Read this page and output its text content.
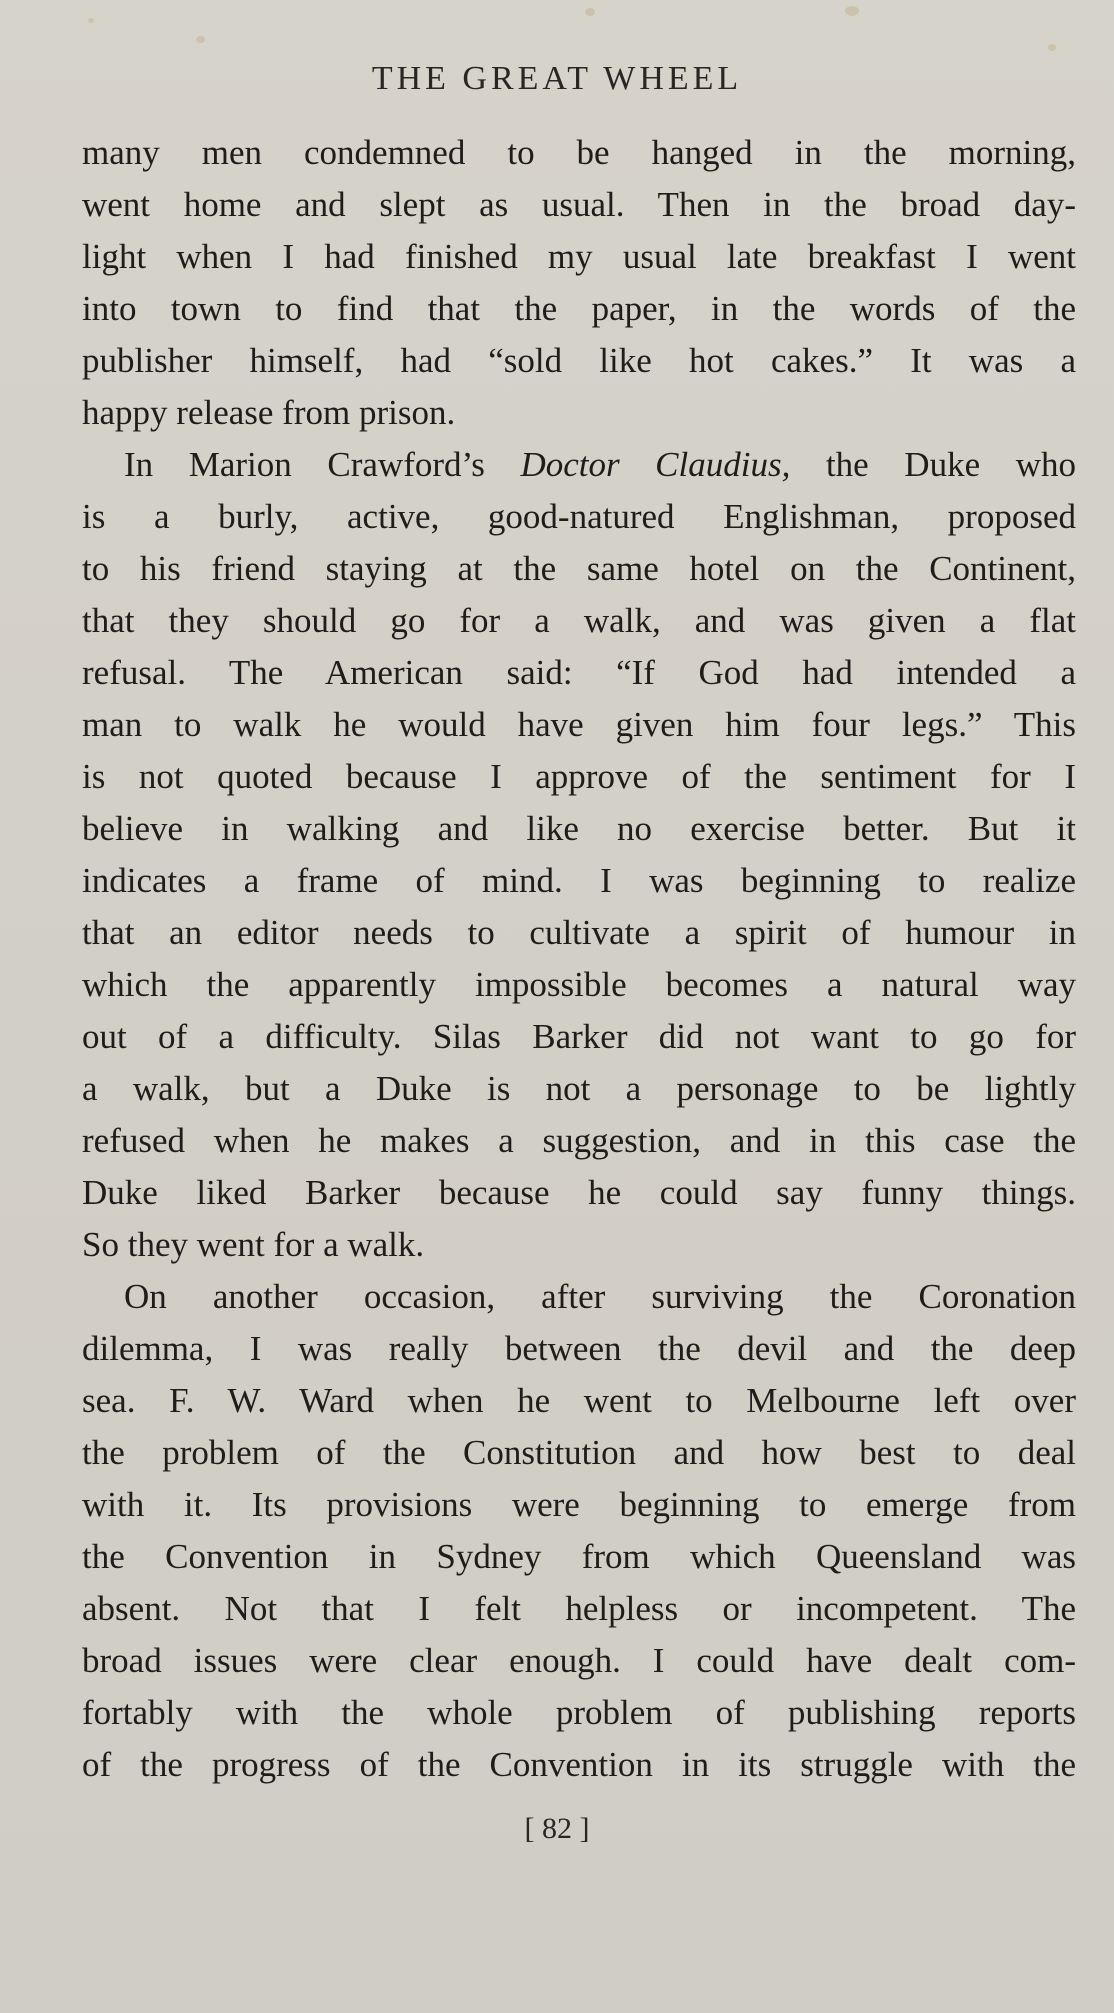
THE GREAT WHEEL
many men condemned to be hanged in the morning,
went home and slept as usual. Then in the broad day-
light when I had finished my usual late breakfast I went
into town to find that the paper, in the words of the
publisher himself, had “sold like hot cakes.” It was a
happy release from prison.
In Marion Crawford’s Doctor Claudius, the Duke who
is a burly, active, good-natured Englishman, proposed
to his friend staying at the same hotel on the Continent,
that they should go for a walk, and was given a flat
refusal. The American said: “If God had intended a
man to walk he would have given him four legs.” This
is not quoted because I approve of the sentiment for I
believe in walking and like no exercise better. But it
indicates a frame of mind. I was beginning to realize
that an editor needs to cultivate a spirit of humour in
which the apparently impossible becomes a natural way
out of a difficulty. Silas Barker did not want to go for
a walk, but a Duke is not a personage to be lightly
refused when he makes a suggestion, and in this case the
Duke liked Barker because he could say funny things.
So they went for a walk.
On another occasion, after surviving the Coronation
dilemma, I was really between the devil and the deep
sea. F. W. Ward when he went to Melbourne left over
the problem of the Constitution and how best to deal
with it. Its provisions were beginning to emerge from
the Convention in Sydney from which Queensland was
absent. Not that I felt helpless or incompetent. The
broad issues were clear enough. I could have dealt com-
fortably with the whole problem of publishing reports
of the progress of the Convention in its struggle with the
[ 82 ]
